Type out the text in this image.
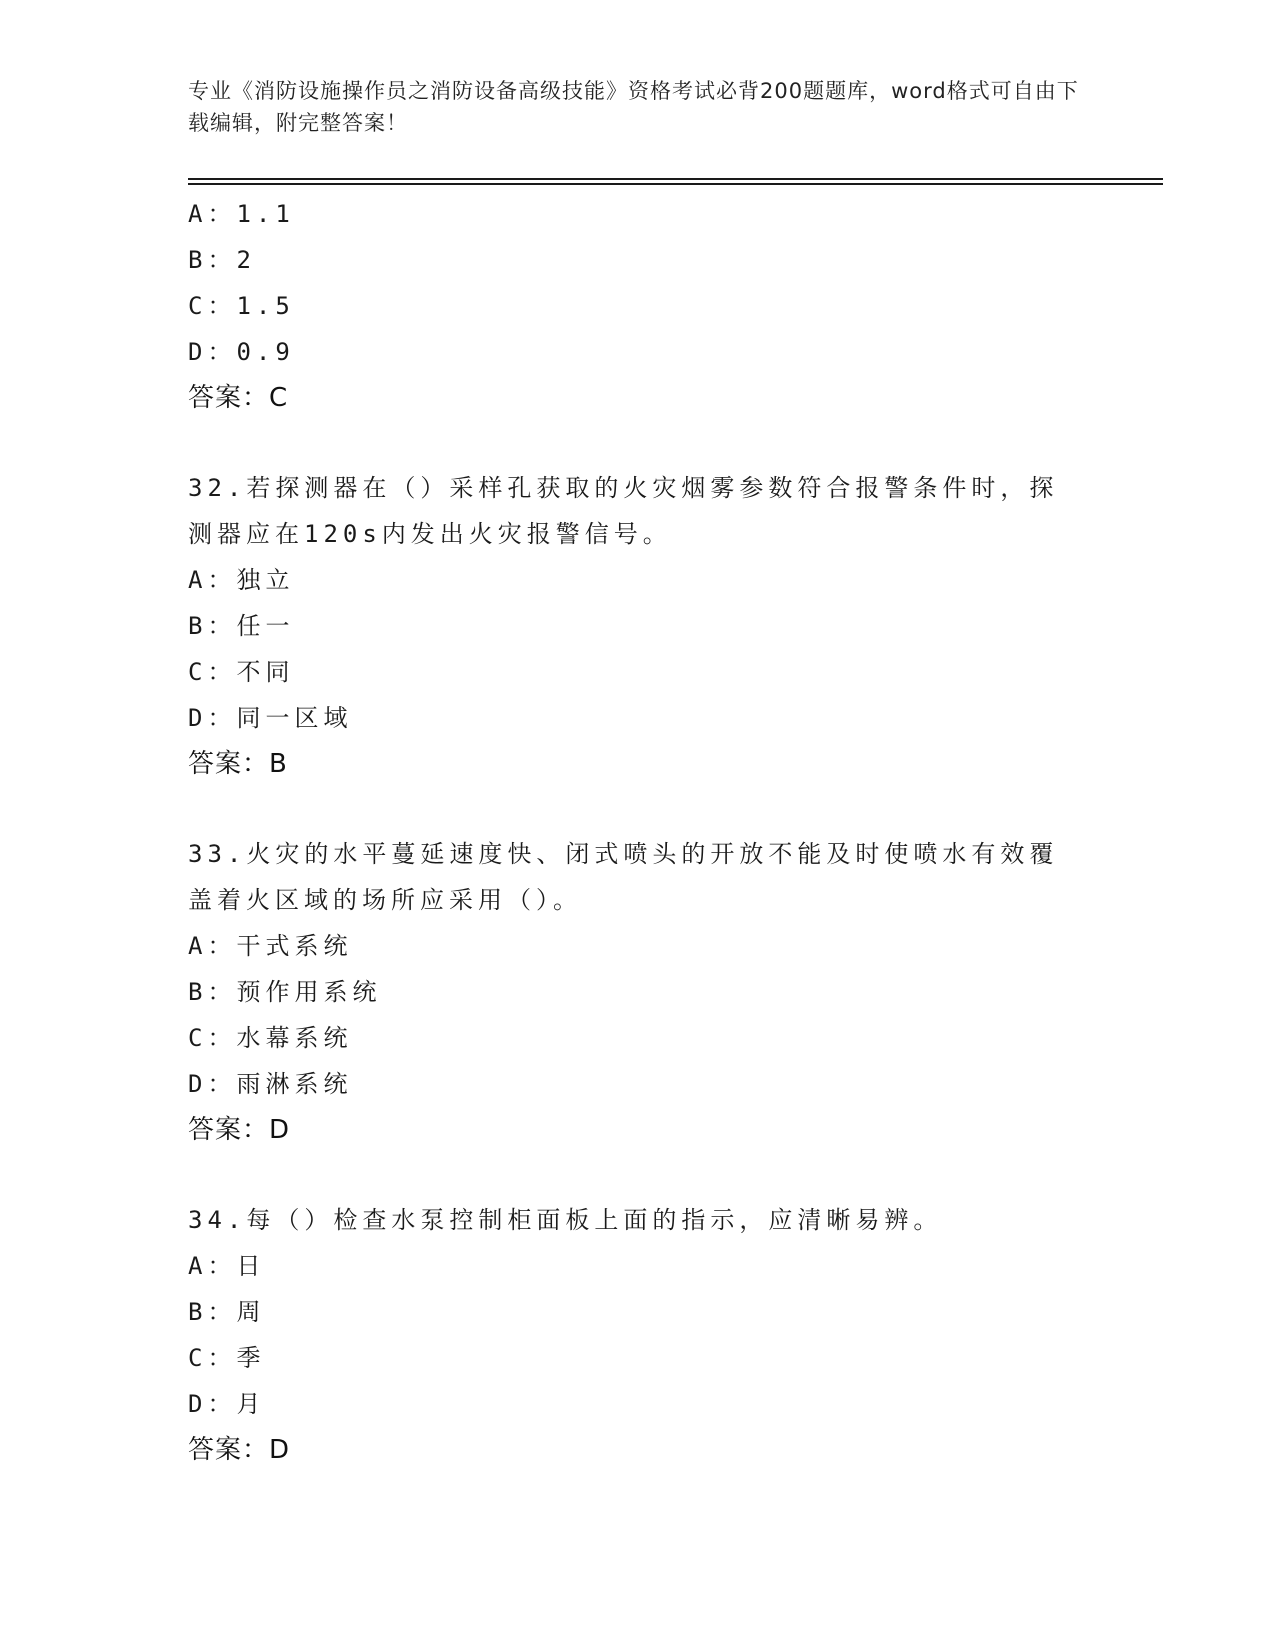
专业《消防设施操作员之消防设备高级技能》资格考试必背200题题库，word格式可自由下载编辑，附完整答案！
A：1.1
B：2
C：1.5
D：0.9
答案：C
32.若探测器在（）采样孔获取的火灾烟雾参数符合报警条件时，探测器应在120s内发出火灾报警信号。
A：独立
B：任一
C：不同
D：同一区域
答案：B
33.火灾的水平蔓延速度快、闭式喷头的开放不能及时使喷水有效覆盖着火区域的场所应采用（）。
A：干式系统
B：预作用系统
C：水幕系统
D：雨淋系统
答案：D
34.每（）检查水泵控制柜面板上面的指示，应清晰易辨。
A：日
B：周
C：季
D：月
答案：D
